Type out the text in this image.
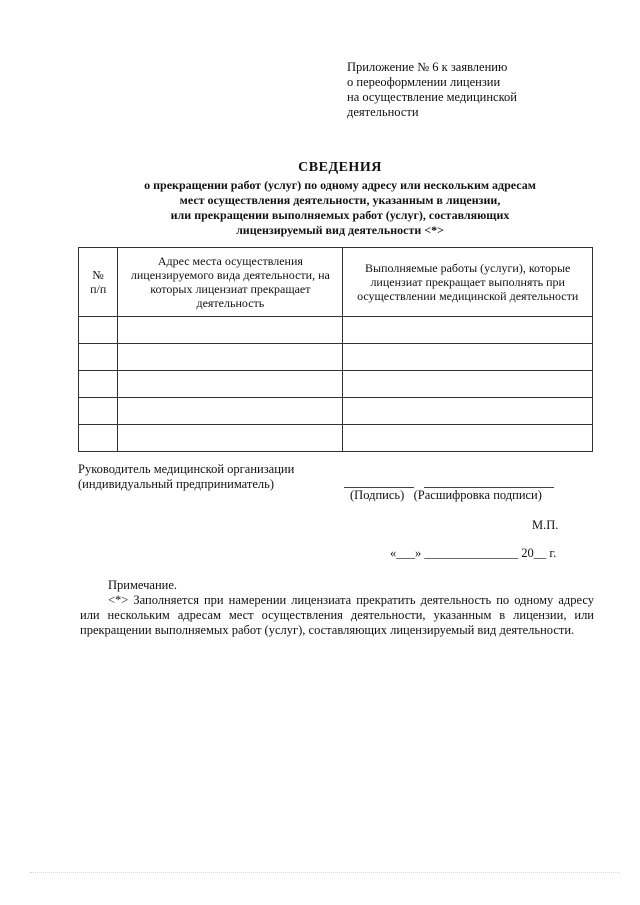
Приложение № 6 к заявлению
о переоформлении лицензии
на осуществление медицинской
деятельности
СВЕДЕНИЯ
о прекращении работ (услуг) по одному адресу или нескольким адресам
мест осуществления деятельности, указанным в лицензии,
или прекращении выполняемых работ (услуг), составляющих
лицензируемый вид деятельности <*>
№
п/п	Адрес места осуществления лицензируемого вида деятельности, на которых лицензиат прекращает деятельность	Выполняемые работы (услуги), которые лицензиат прекращает выполнять при осуществлении медицинской деятельности

Руководитель медицинской организации
(индивидуальный предприниматель)
(Подпись)   (Расшифровка подписи)
М.П.
«___» _______________ 20__ г.
Примечание.
<*> Заполняется при намерении лицензиата прекратить деятельность по одному адресу или нескольким адресам мест осуществления деятельности, указанным в лицензии, или прекращении выполняемых работ (услуг), составляющих лицензируемый вид деятельности.
